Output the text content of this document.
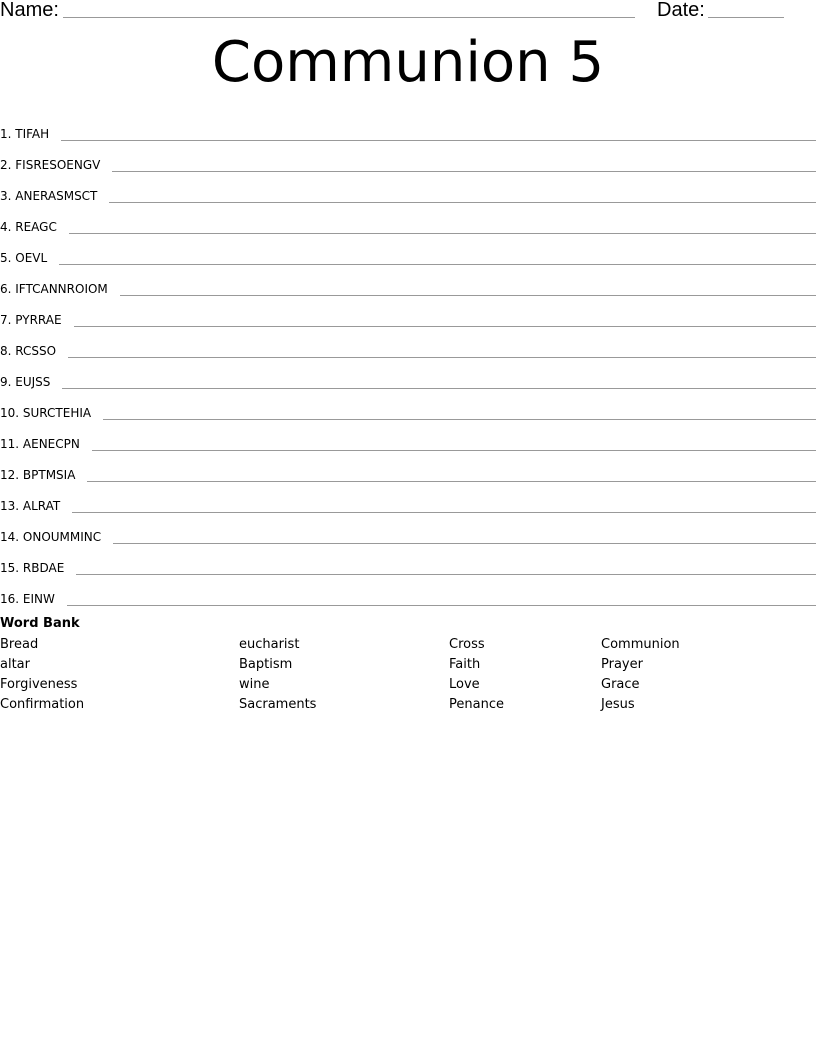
Name:	Date:
Communion 5
1. TIFAH
2. FISRESOENGV
3. ANERASMSCT
4. REAGC
5. OEVL
6. IFTCANNROIOM
7. PYRRAE
8. RCSSO
9. EUJSS
10. SURCTEHIA
11. AENECPN
12. BPTMSIA
13. ALRAT
14. ONOUMMINC
15. RBDAE
16. EINW
Word Bank
Bread	eucharist	Cross	Communion
altar	Baptism	Faith	Prayer
Forgiveness	wine	Love	Grace
Confirmation	Sacraments	Penance	Jesus
